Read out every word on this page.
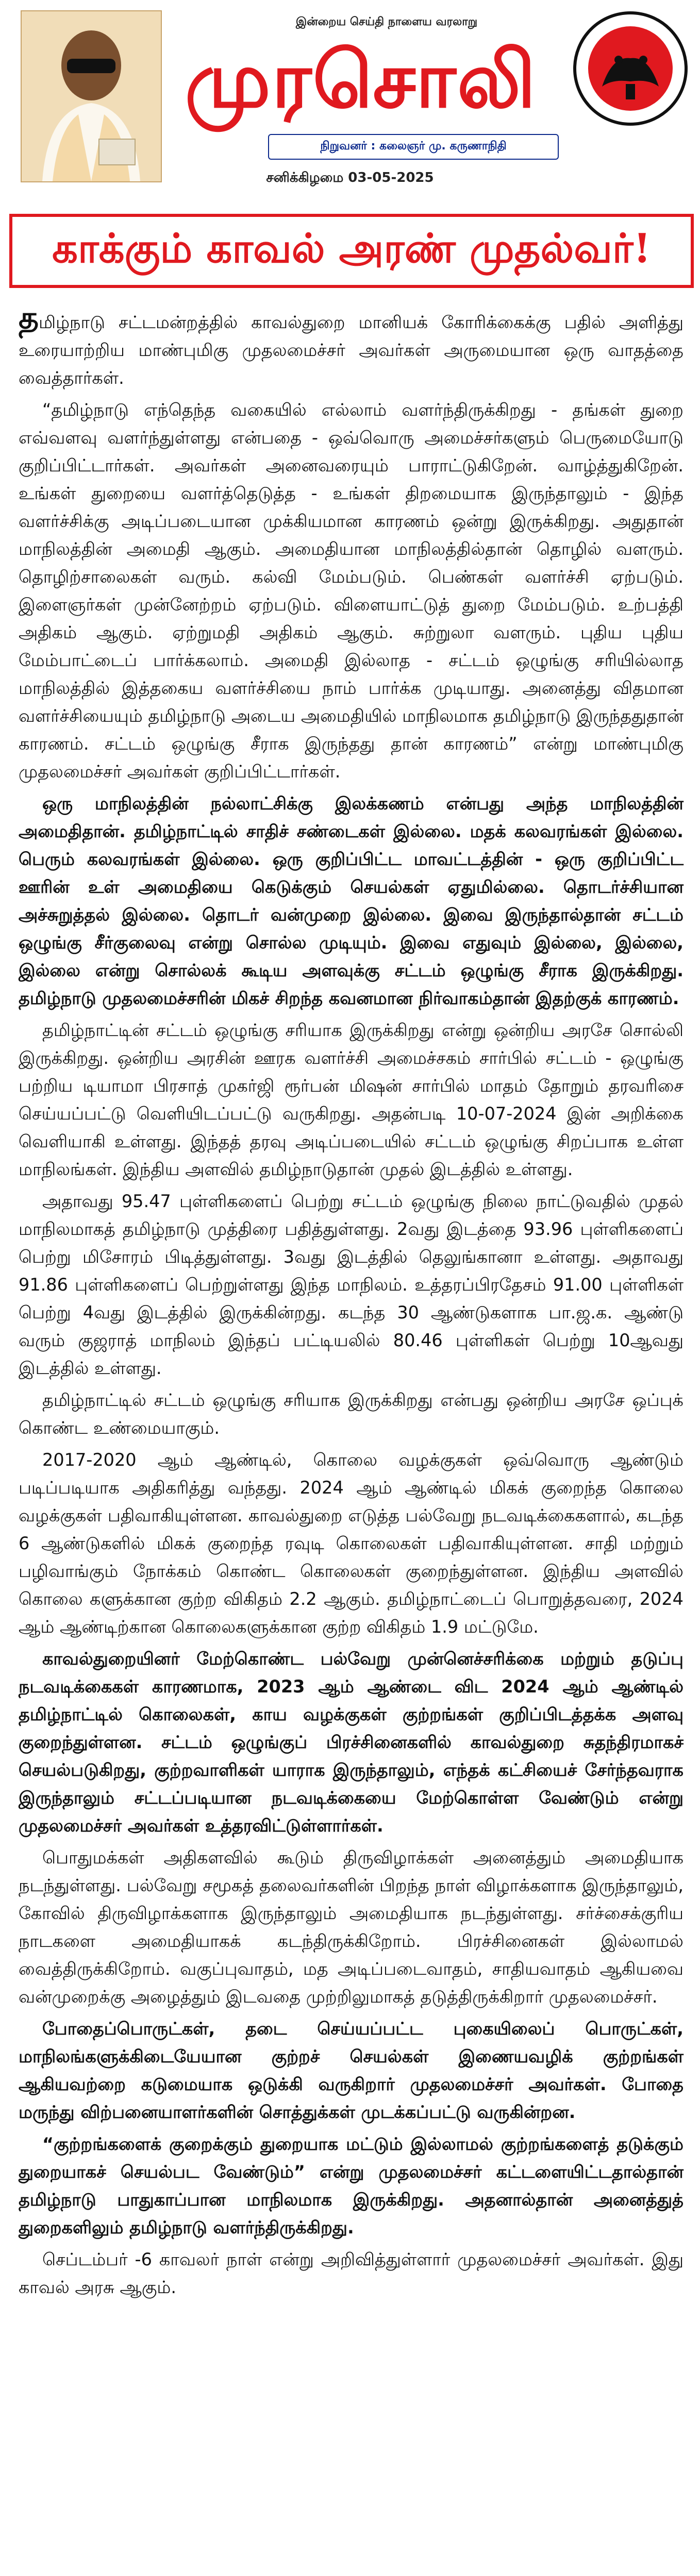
இன்றைய செய்தி நாளைய வரலாறு
முரசொலி
நிறுவனர் : கலைஞர் மு. கருணாநிதி
சனிக்கிழமை 03-05-2025
காக்கும் காவல் அரண் முதல்வர்!

தமிழ்நாடு சட்டமன்றத்தில் காவல்துறை மானியக் கோரிக்கைக்கு பதில் அளித்து உரையாற்றிய மாண்புமிகு முதலமைச்சர் அவர்கள் அருமையான ஒரு வாதத்தை வைத்தார்கள்.

“தமிழ்நாடு எந்தெந்த வகையில் எல்லாம் வளர்ந்திருக்கிறது - தங்கள் துறை எவ்வளவு வளர்ந்துள்ளது என்பதை - ஒவ்வொரு அமைச்சர்களும் பெருமையோடு குறிப்பிட்டார்கள். அவர்கள் அனைவரையும் பாராட்டுகிறேன். வாழ்த்துகிறேன். உங்கள் துறையை வளர்த்தெடுத்த - உங்கள் திறமையாக இருந்தாலும் - இந்த வளர்ச்சிக்கு அடிப்படையான முக்கியமான காரணம் ஒன்று இருக்கிறது. அதுதான் மாநிலத்தின் அமைதி ஆகும். அமைதியான மாநிலத்தில்தான் தொழில் வளரும். தொழிற்சாலைகள் வரும். கல்வி மேம்படும். பெண்கள் வளர்ச்சி ஏற்படும். இளைஞர்கள் முன்னேற்றம் ஏற்படும். விளையாட்டுத் துறை மேம்படும். உற்பத்தி அதிகம் ஆகும். ஏற்றுமதி அதிகம் ஆகும். சுற்றுலா வளரும். புதிய புதிய மேம்பாட்டைப் பார்க்கலாம். அமைதி இல்லாத - சட்டம் ஒழுங்கு சரியில்லாத மாநிலத்தில் இத்தகைய வளர்ச்சியை நாம் பார்க்க முடியாது. அனைத்து விதமான வளர்ச்சியையும் தமிழ்நாடு அடைய அமைதியில் மாநிலமாக தமிழ்நாடு இருந்ததுதான் காரணம். சட்டம் ஒழுங்கு சீராக இருந்தது தான் காரணம்” என்று மாண்புமிகு முதலமைச்சர் அவர்கள் குறிப்பிட்டார்கள்.

ஒரு மாநிலத்தின் நல்லாட்சிக்கு இலக்கணம் என்பது அந்த மாநிலத்தின் அமைதிதான். தமிழ்நாட்டில் சாதிச் சண்டைகள் இல்லை. மதக் கலவரங்கள் இல்லை. பெரும் கலவரங்கள் இல்லை. ஒரு குறிப்பிட்ட மாவட்டத்தின் - ஒரு குறிப்பிட்ட ஊரின் உள் அமைதியை கெடுக்கும் செயல்கள் ஏதுமில்லை. தொடர்ச்சியான அச்சுறுத்தல் இல்லை. தொடர் வன்முறை இல்லை. இவை இருந்தால்தான் சட்டம் ஒழுங்கு சீர்குலைவு என்று சொல்ல முடியும். இவை எதுவும் இல்லை, இல்லை, இல்லை என்று சொல்லக் கூடிய அளவுக்கு சட்டம் ஒழுங்கு சீராக இருக்கிறது. தமிழ்நாடு முதலமைச்சரின் மிகச் சிறந்த கவனமான நிர்வாகம்தான் இதற்குக் காரணம்.

தமிழ்நாட்டின் சட்டம் ஒழுங்கு சரியாக இருக்கிறது என்று ஒன்றிய அரசே சொல்லி இருக்கிறது. ஒன்றிய அரசின் ஊரக வளர்ச்சி அமைச்சகம் சார்பில் சட்டம் - ஒழுங்கு பற்றிய டியாமா பிரசாத் முகர்ஜி ரூர்பன் மிஷன் சார்பில் மாதம் தோறும் தரவரிசை செய்யப்பட்டு வெளியிடப்பட்டு வருகிறது. அதன்படி 10-07-2024 இன் அறிக்கை வெளியாகி உள்ளது. இந்தத் தரவு அடிப்படையில் சட்டம் ஒழுங்கு சிறப்பாக உள்ள மாநிலங்கள். இந்திய அளவில் தமிழ்நாடுதான் முதல் இடத்தில் உள்ளது.

அதாவது 95.47 புள்ளிகளைப் பெற்று சட்டம் ஒழுங்கு நிலை நாட்டுவதில் முதல் மாநிலமாகத் தமிழ்நாடு முத்திரை பதித்துள்ளது. 2வது இடத்தை 93.96 புள்ளிகளைப் பெற்று மிசோரம் பிடித்துள்ளது. 3வது இடத்தில் தெலுங்கானா உள்ளது. அதாவது 91.86 புள்ளிகளைப் பெற்றுள்ளது இந்த மாநிலம். உத்தரப்பிரதேசம் 91.00 புள்ளிகள் பெற்று 4வது இடத்தில் இருக்கின்றது. கடந்த 30 ஆண்டுகளாக பா.ஜ.க. ஆண்டு வரும் குஜராத் மாநிலம் இந்தப் பட்டியலில் 80.46 புள்ளிகள் பெற்று 10ஆவது இடத்தில் உள்ளது.

தமிழ்நாட்டில் சட்டம் ஒழுங்கு சரியாக இருக்கிறது என்பது ஒன்றிய அரசே ஒப்புக் கொண்ட உண்மையாகும்.

2017-2020 ஆம் ஆண்டில், கொலை வழக்குகள் ஒவ்வொரு ஆண்டும் படிப்படியாக அதிகரித்து வந்தது. 2024 ஆம் ஆண்டில் மிகக் குறைந்த கொலை வழக்குகள் பதிவாகியுள்ளன. காவல்துறை எடுத்த பல்வேறு நடவடிக்கைகளால், கடந்த 6 ஆண்டுகளில் மிகக் குறைந்த ரவுடி கொலைகள் பதிவாகியுள்ளன. சாதி மற்றும் பழிவாங்கும் நோக்கம் கொண்ட கொலைகள் குறைந்துள்ளன. இந்திய அளவில் கொலை களுக்கான குற்ற விகிதம் 2.2 ஆகும். தமிழ்நாட்டைப் பொறுத்தவரை, 2024 ஆம் ஆண்டிற்கான கொலைகளுக்கான குற்ற விகிதம் 1.9 மட்டுமே.

காவல்துறையினர் மேற்கொண்ட பல்வேறு முன்னெச்சரிக்கை மற்றும் தடுப்பு நடவடிக்கைகள் காரணமாக, 2023 ஆம் ஆண்டை விட 2024 ஆம் ஆண்டில் தமிழ்நாட்டில் கொலைகள், காய வழக்குகள் குற்றங்கள் குறிப்பிடத்தக்க அளவு குறைந்துள்ளன. சட்டம் ஒழுங்குப் பிரச்சினைகளில் காவல்துறை சுதந்திரமாகச் செயல்படுகிறது, குற்றவாளிகள் யாராக இருந்தாலும், எந்தக் கட்சியைச் சேர்ந்தவராக இருந்தாலும் சட்டப்படியான நடவடிக்கையை மேற்கொள்ள வேண்டும் என்று முதலமைச்சர் அவர்கள் உத்தரவிட்டுள்ளார்கள்.

பொதுமக்கள் அதிகளவில் கூடும் திருவிழாக்கள் அனைத்தும் அமைதியாக நடந்துள்ளது. பல்வேறு சமூகத் தலைவர்களின் பிறந்த நாள் விழாக்களாக இருந்தாலும், கோவில் திருவிழாக்களாக இருந்தாலும் அமைதியாக நடந்துள்ளது. சர்ச்சைக்குரிய நாடகளை அமைதியாகக் கடந்திருக்கிறோம். பிரச்சினைகள் இல்லாமல் வைத்திருக்கிறோம். வகுப்புவாதம், மத அடிப்படைவாதம், சாதியவாதம் ஆகியவை வன்முறைக்கு அழைத்தும் இடவதை முற்றிலுமாகத் தடுத்திருக்கிறார் முதலமைச்சர்.

போதைப்பொருட்கள், தடை செய்யப்பட்ட புகையிலைப் பொருட்கள், மாநிலங்களுக்கிடையேயான குற்றச் செயல்கள் இணையவழிக் குற்றங்கள் ஆகியவற்றை கடுமையாக ஒடுக்கி வருகிறார் முதலமைச்சர் அவர்கள். போதை மருந்து விற்பனையாளர்களின் சொத்துக்கள் முடக்கப்பட்டு வருகின்றன.

“குற்றங்களைக் குறைக்கும் துறையாக மட்டும் இல்லாமல் குற்றங்களைத் தடுக்கும் துறையாகச் செயல்பட வேண்டும்” என்று முதலமைச்சர் கட்டளையிட்டதால்தான் தமிழ்நாடு பாதுகாப்பான மாநிலமாக இருக்கிறது. அதனால்தான் அனைத்துத் துறைகளிலும் தமிழ்நாடு வளர்ந்திருக்கிறது.

செப்டம்பர் -6 காவலர் நாள் என்று அறிவித்துள்ளார் முதலமைச்சர் அவர்கள். இது காவல் அரசு ஆகும்.
